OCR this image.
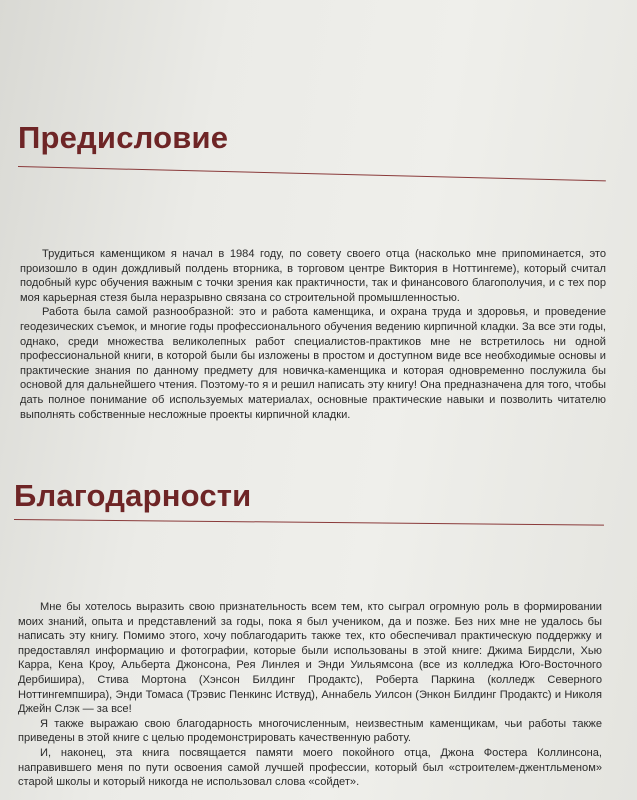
Предисловие

Трудиться каменщиком я начал в 1984 году, по совету своего отца (насколько мне припоминается, это произошло в один дождливый полдень вторника, в торговом центре Виктория в Ноттингеме), который считал подобный курс обучения важным с точки зрения как практичности, так и финансового благополучия, и с тех пор моя карьерная стезя была неразрывно связана со строительной промышленностью.

Работа была самой разнообразной: это и работа каменщика, и охрана труда и здоровья, и проведение геодезических съемок, и многие годы профессионального обучения ведению кирпичной кладки. За все эти годы, однако, среди множества великолепных работ специалистов-практиков мне не встретилось ни одной профессиональной книги, в которой были бы изложены в простом и доступном виде все необходимые основы и практические знания по данному предмету для новичка-каменщика и которая одновременно послужила бы основой для дальнейшего чтения. Поэтому-то я и решил написать эту книгу! Она предназначена для того, чтобы дать полное понимание об используемых материалах, основные практические навыки и позволить читателю выполнять собственные несложные проекты кирпичной кладки.

Благодарности

Мне бы хотелось выразить свою признательность всем тем, кто сыграл огромную роль в формировании моих знаний, опыта и представлений за годы, пока я был учеником, да и позже. Без них мне не удалось бы написать эту книгу. Помимо этого, хочу поблагодарить также тех, кто обеспечивал практическую поддержку и предоставлял информацию и фотографии, которые были использованы в этой книге: Джима Бирдсли, Хью Карра, Кена Кроу, Альберта Джонсона, Рея Линлея и Энди Уильямсона (все из колледжа Юго-Восточного Дербишира), Стива Мортона (Хэнсон Билдинг Продактс), Роберта Паркина (колледж Северного Ноттингемпшира), Энди Томаса (Трэвис Пенкинс Иствуд), Аннабель Уилсон (Энкон Билдинг Продактс) и Николя Джейн Слэк — за все!

Я также выражаю свою благодарность многочисленным, неизвестным каменщикам, чьи работы также приведены в этой книге с целью продемонстрировать качественную работу.

И, наконец, эта книга посвящается памяти моего покойного отца, Джона Фостера Коллинсона, направившего меня по пути освоения самой лучшей профессии, который был «строителем-джентльменом» старой школы и который никогда не использовал слова «сойдет».
